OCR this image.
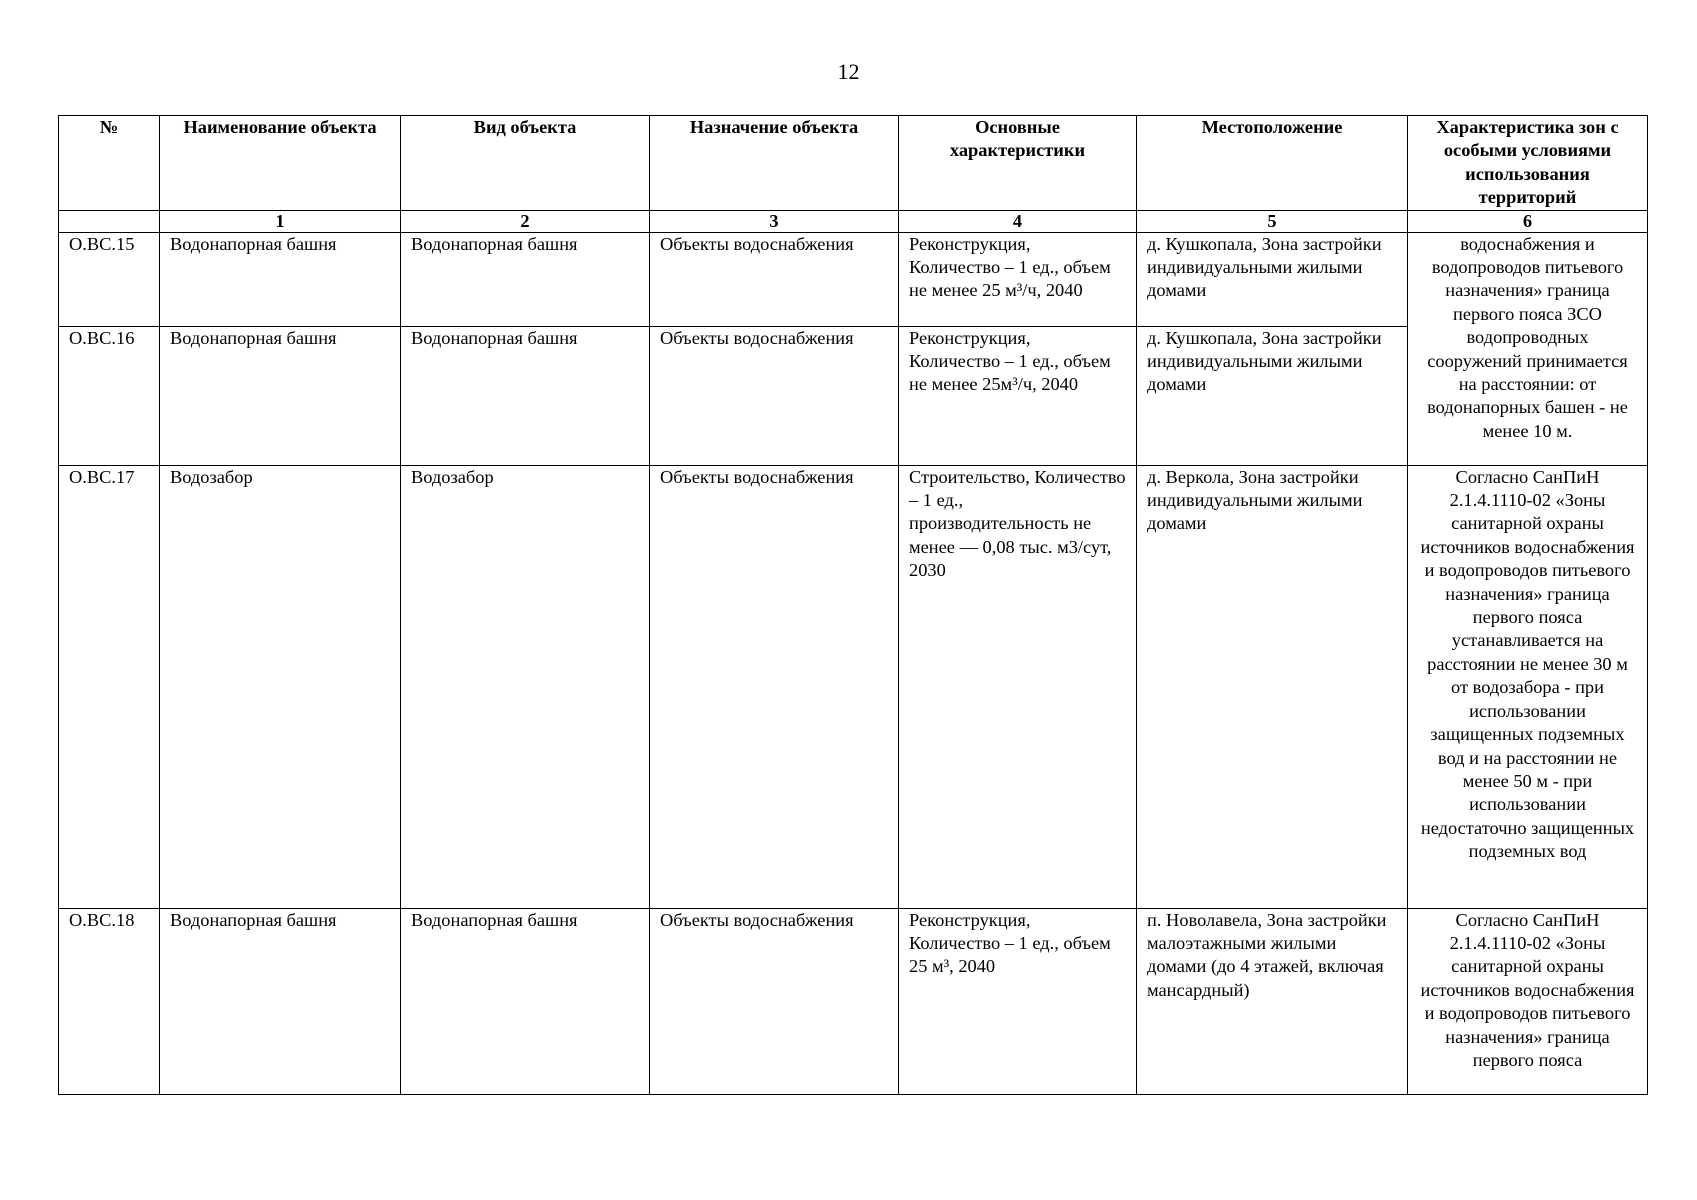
12
№	Наименование объекта	Вид объекта	Назначение объекта	Основные характеристики	Местоположение	Характеристика зон с особыми условиями использования территорий
	1	2	3	4	5	6
О.ВС.15	Водонапорная башня	Водонапорная башня	Объекты водоснабжения	Реконструкция, Количество – 1 ед., объем не менее 25 м³/ч, 2040	д. Кушкопала, Зона застройки индивидуальными жилыми домами	водоснабжения и водопроводов питьевого назначения» граница первого пояса ЗСО водопроводных сооружений принимается на расстоянии: от водонапорных башен - не менее 10 м.
О.ВС.16	Водонапорная башня	Водонапорная башня	Объекты водоснабжения	Реконструкция, Количество – 1 ед., объем не менее 25м³/ч, 2040	д. Кушкопала, Зона застройки индивидуальными жилыми домами	
О.ВС.17	Водозабор	Водозабор	Объекты водоснабжения	Строительство, Количество – 1 ед., производительность не менее — 0,08 тыс. м3/сут, 2030	д. Веркола, Зона застройки индивидуальными жилыми домами	Согласно СанПиН 2.1.4.1110-02 «Зоны санитарной охраны источников водоснабжения и водопроводов питьевого назначения» граница первого пояса устанавливается на расстоянии не менее 30 м от водозабора - при использовании защищенных подземных вод и на расстоянии не менее 50 м - при использовании недостаточно защищенных подземных вод
О.ВС.18	Водонапорная башня	Водонапорная башня	Объекты водоснабжения	Реконструкция, Количество – 1 ед., объем 25 м³, 2040	п. Новолавела, Зона застройки малоэтажными жилыми домами (до 4 этажей, включая мансардный)	Согласно СанПиН 2.1.4.1110-02 «Зоны санитарной охраны источников водоснабжения и водопроводов питьевого назначения» граница первого пояса
